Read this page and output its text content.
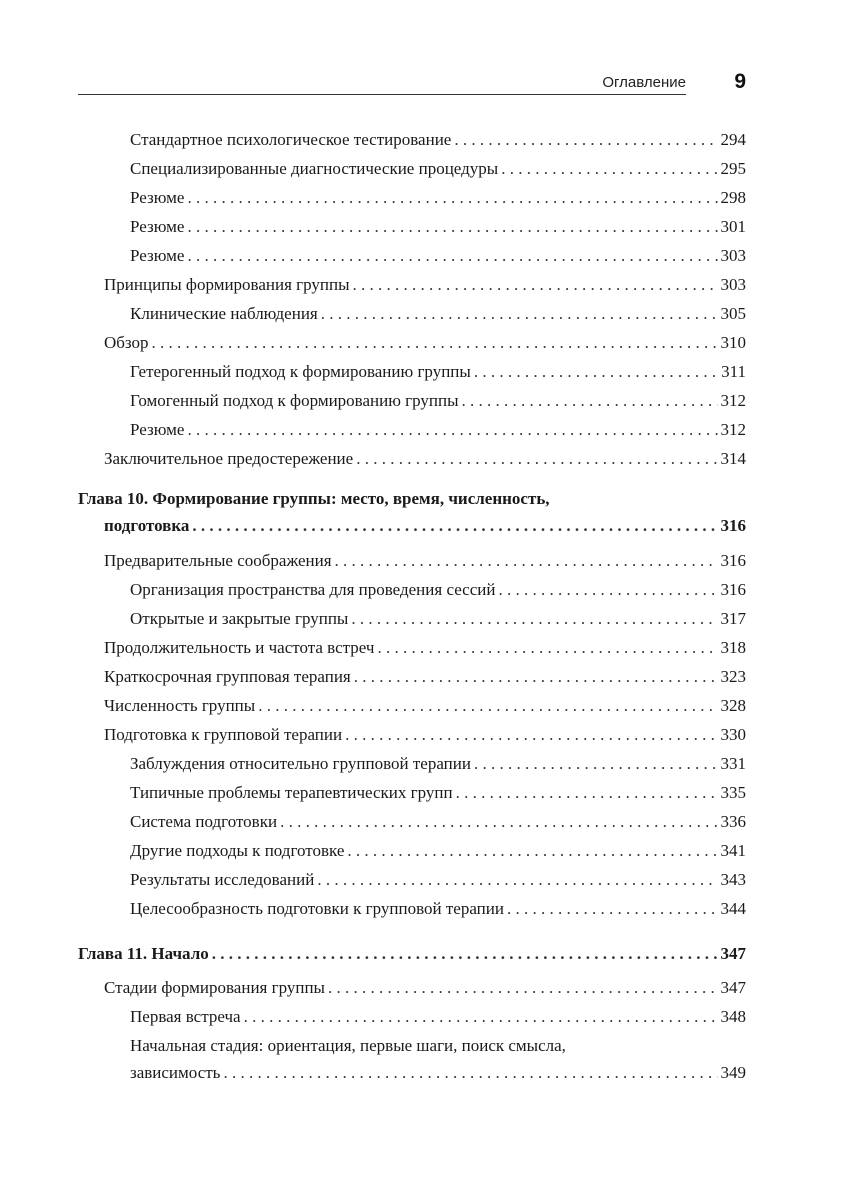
Оглавление 9
Стандартное психологическое тестирование . . .	294
Специализированные диагностические процедуры . . .	295
Резюме . . .	298
Резюме . . .	301
Резюме . . .	303
Принципы формирования группы . . .	303
Клинические наблюдения . . .	305
Обзор . . .	310
Гетерогенный подход к формированию группы . . .	311
Гомогенный подход к формированию группы . . .	312
Резюме . . .	312
Заключительное предостережение . . .	314
Глава 10. Формирование группы: место, время, численность,
подготовка . . .	316
Предварительные соображения . . .	316
Организация пространства для проведения сессий . . .	316
Открытые и закрытые группы . . .	317
Продолжительность и частота встреч . . .	318
Краткосрочная групповая терапия . . .	323
Численность группы . . .	328
Подготовка к групповой терапии . . .	330
Заблуждения относительно групповой терапии . . .	331
Типичные проблемы терапевтических групп . . .	335
Система подготовки . . .	336
Другие подходы к подготовке . . .	341
Результаты исследований . . .	343
Целесообразность подготовки к групповой терапии . . .	344
Глава 11. Начало . . .	347
Стадии формирования группы . . .	347
Первая встреча . . .	348
Начальная стадия: ориентация, первые шаги, поиск смысла,
зависимость . . .	349
